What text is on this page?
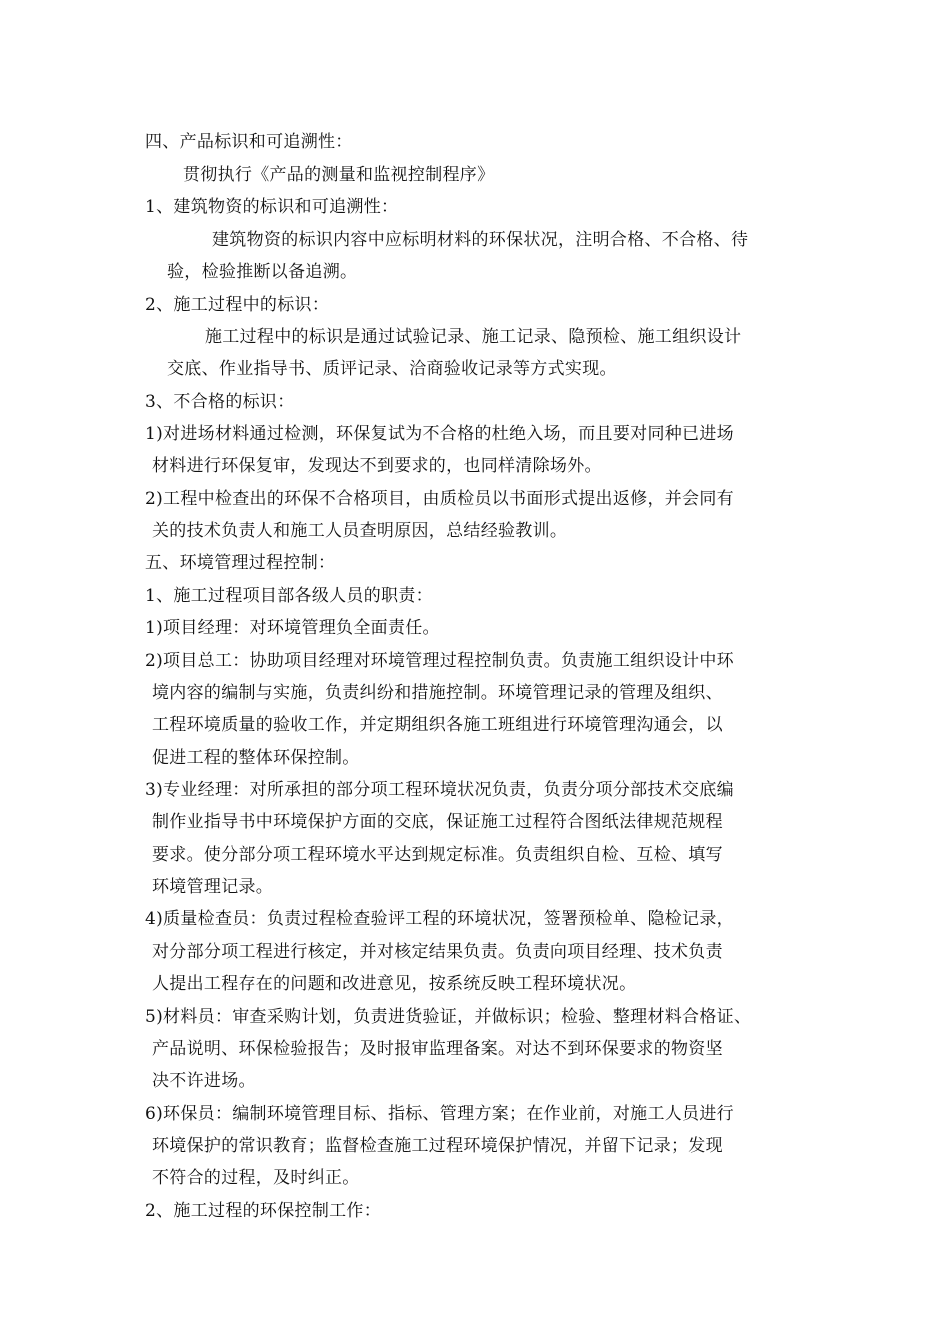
四、产品标识和可追溯性：
贯彻执行《产品的测量和监视控制程序》
1、建筑物资的标识和可追溯性：
建筑物资的标识内容中应标明材料的环保状况，注明合格、不合格、待
验，检验推断以备追溯。
2、施工过程中的标识：
施工过程中的标识是通过试验记录、施工记录、隐预检、施工组织设计
交底、作业指导书、质评记录、洽商验收记录等方式实现。
3、不合格的标识：
1)对进场材料通过检测，环保复试为不合格的杜绝入场，而且要对同种已进场
材料进行环保复审，发现达不到要求的，也同样清除场外。
2)工程中检查出的环保不合格项目，由质检员以书面形式提出返修，并会同有
关的技术负责人和施工人员查明原因，总结经验教训。
五、环境管理过程控制：
1、施工过程项目部各级人员的职责：
1)项目经理：对环境管理负全面责任。
2)项目总工：协助项目经理对环境管理过程控制负责。负责施工组织设计中环
境内容的编制与实施，负责纠纷和措施控制。环境管理记录的管理及组织、
工程环境质量的验收工作，并定期组织各施工班组进行环境管理沟通会，以
促进工程的整体环保控制。
3)专业经理：对所承担的部分项工程环境状况负责，负责分项分部技术交底编
制作业指导书中环境保护方面的交底，保证施工过程符合图纸法律规范规程
要求。使分部分项工程环境水平达到规定标准。负责组织自检、互检、填写
环境管理记录。
4)质量检查员：负责过程检查验评工程的环境状况，签署预检单、隐检记录，
对分部分项工程进行核定，并对核定结果负责。负责向项目经理、技术负责
人提出工程存在的问题和改进意见，按系统反映工程环境状况。
5)材料员：审查采购计划，负责进货验证，并做标识；检验、整理材料合格证、
产品说明、环保检验报告；及时报审监理备案。对达不到环保要求的物资坚
决不许进场。
6)环保员：编制环境管理目标、指标、管理方案；在作业前，对施工人员进行
环境保护的常识教育；监督检查施工过程环境保护情况，并留下记录；发现
不符合的过程，及时纠正。
2、施工过程的环保控制工作：
